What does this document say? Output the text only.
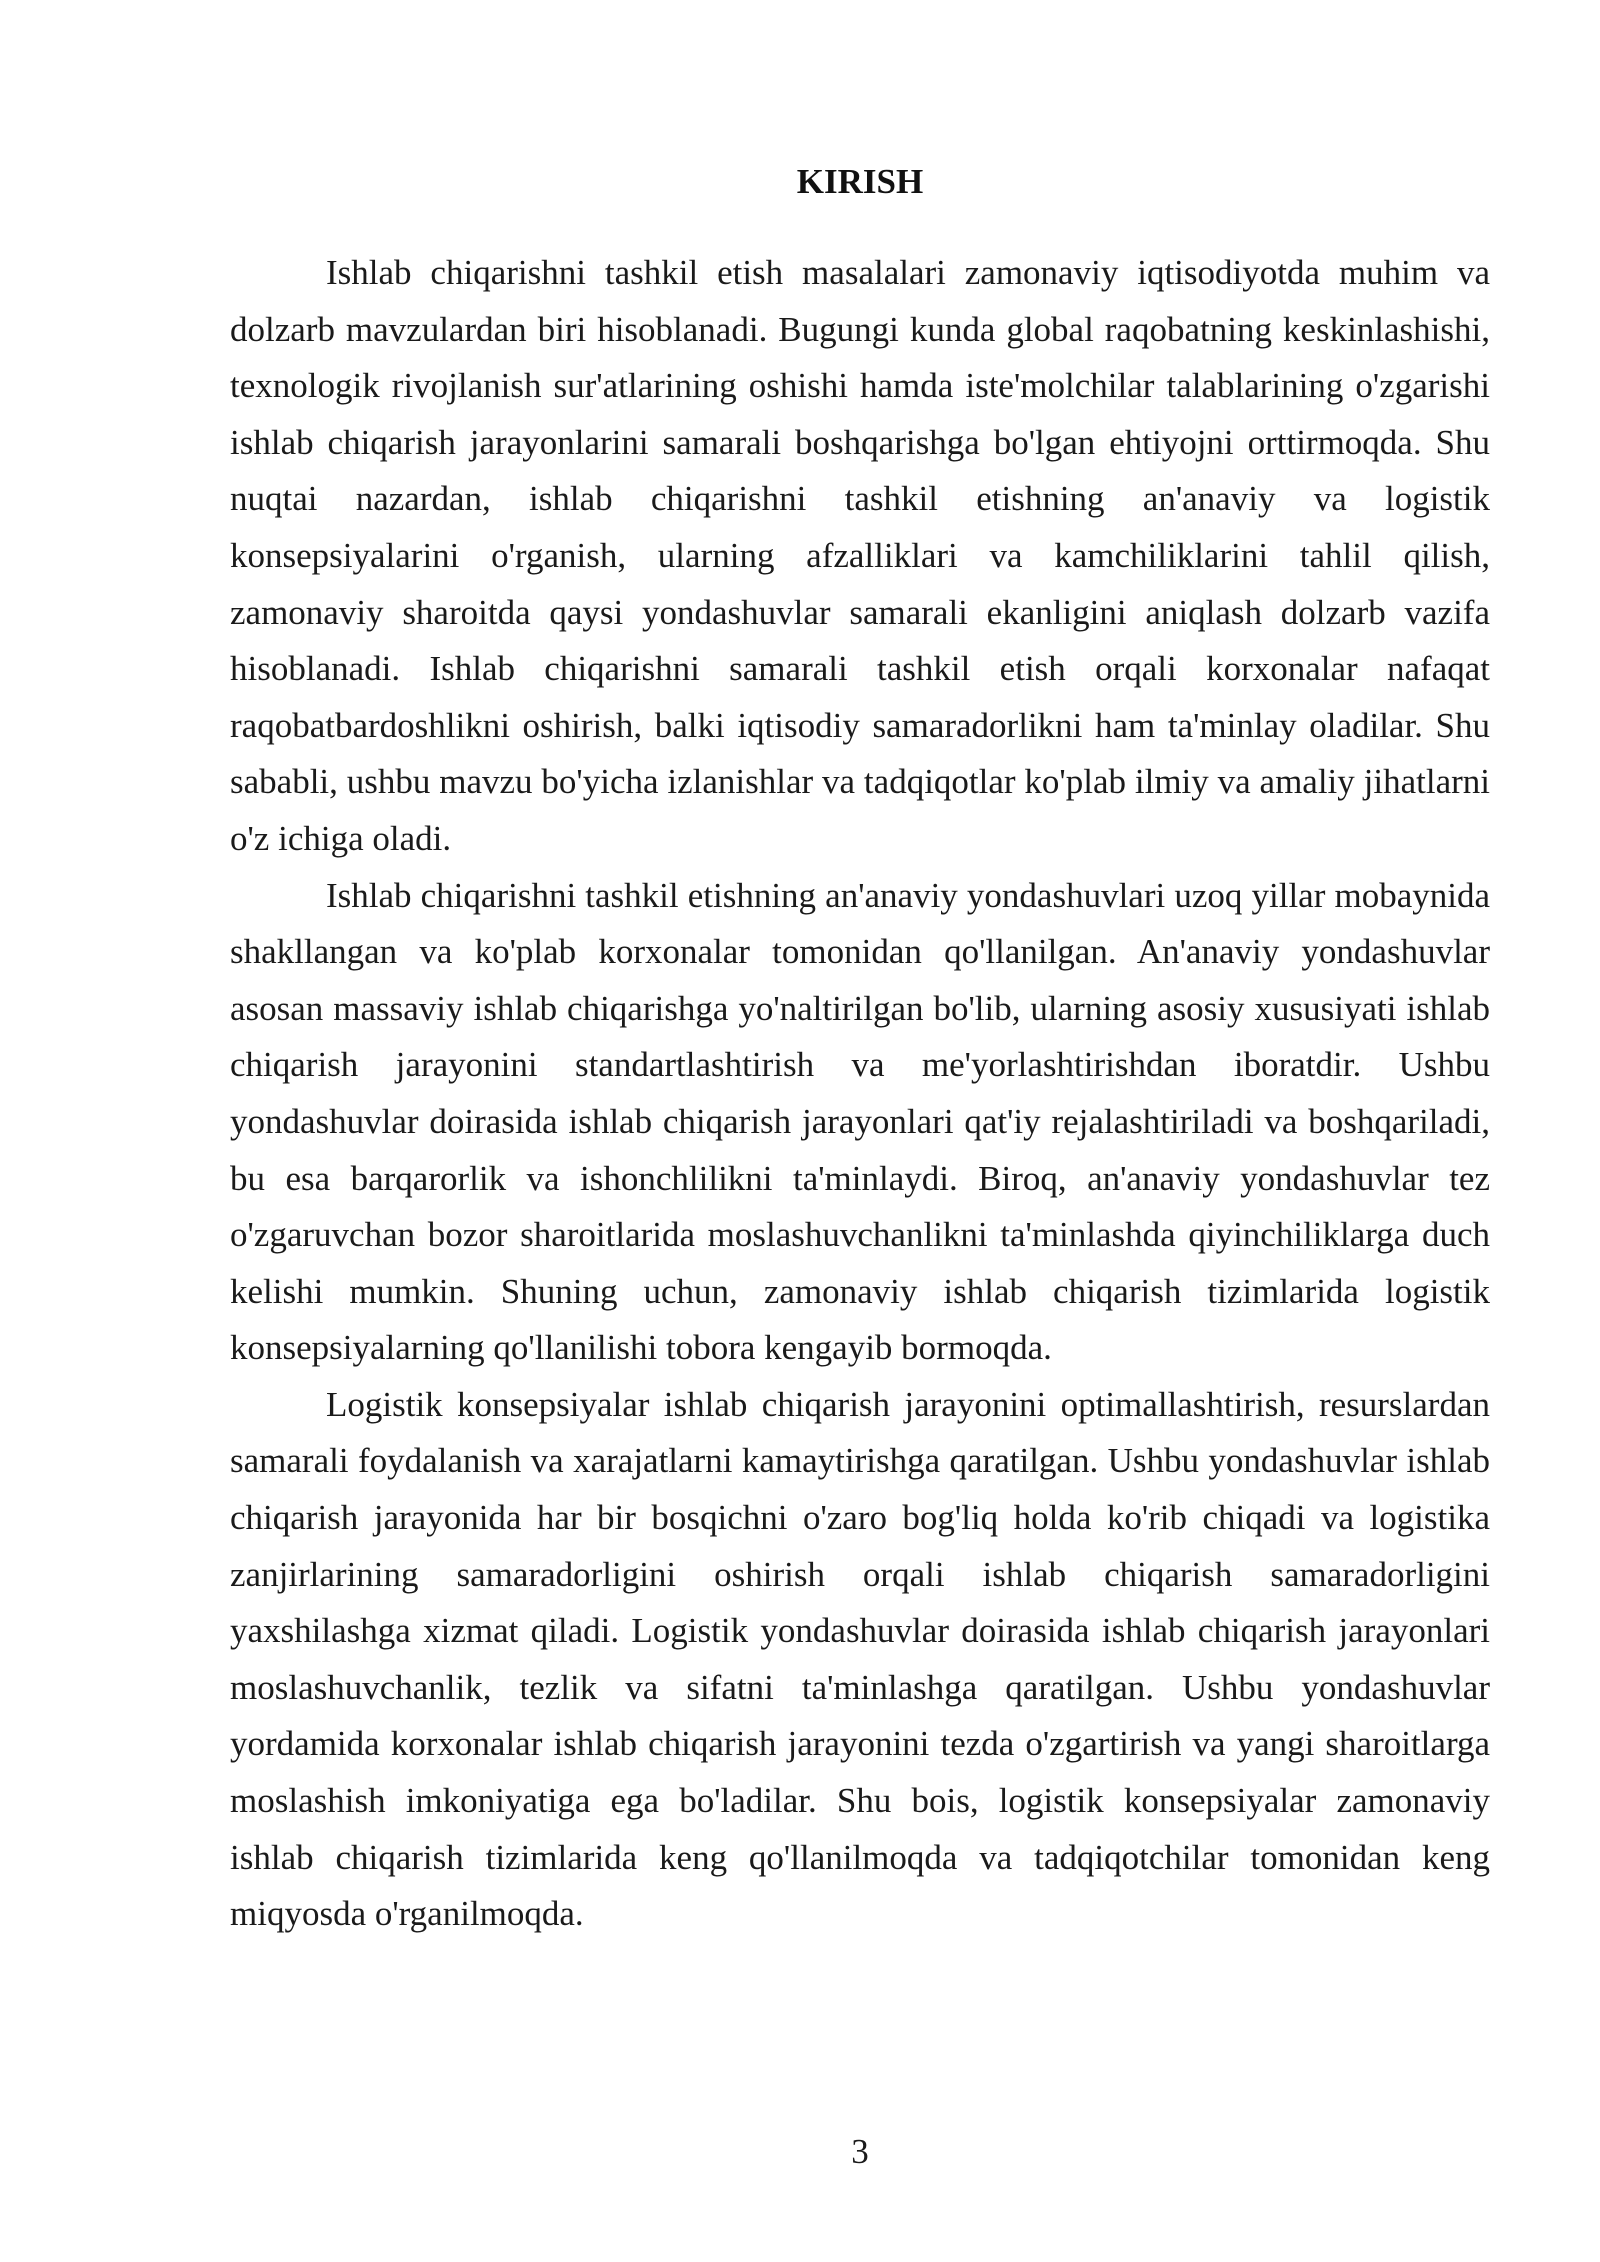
KIRISH

Ishlab chiqarishni tashkil etish masalalari zamonaviy iqtisodiyotda muhim va dolzarb mavzulardan biri hisoblanadi. Bugungi kunda global raqobatning keskinlashishi, texnologik rivojlanish sur'atlarining oshishi hamda iste'molchilar talablarining o'zgarishi ishlab chiqarish jarayonlarini samarali boshqarishga bo'lgan ehtiyojni orttirmoqda. Shu nuqtai nazardan, ishlab chiqarishni tashkil etishning an'anaviy va logistik konsepsiyalarini o'rganish, ularning afzalliklari va kamchiliklarini tahlil qilish, zamonaviy sharoitda qaysi yondashuvlar samarali ekanligini aniqlash dolzarb vazifa hisoblanadi. Ishlab chiqarishni samarali tashkil etish orqali korxonalar nafaqat raqobatbardoshlikni oshirish, balki iqtisodiy samaradorlikni ham ta'minlay oladilar. Shu sababli, ushbu mavzu bo'yicha izlanishlar va tadqiqotlar ko'plab ilmiy va amaliy jihatlarni o'z ichiga oladi.

Ishlab chiqarishni tashkil etishning an'anaviy yondashuvlari uzoq yillar mobaynida shakllangan va ko'plab korxonalar tomonidan qo'llanilgan. An'anaviy yondashuvlar asosan massaviy ishlab chiqarishga yo'naltirilgan bo'lib, ularning asosiy xususiyati ishlab chiqarish jarayonini standartlashtirish va me'yorlashtirishdan iboratdir. Ushbu yondashuvlar doirasida ishlab chiqarish jarayonlari qat'iy rejalashtiriladi va boshqariladi, bu esa barqarorlik va ishonchlilikni ta'minlaydi. Biroq, an'anaviy yondashuvlar tez o'zgaruvchan bozor sharoitlarida moslashuvchanlikni ta'minlashda qiyinchiliklarga duch kelishi mumkin. Shuning uchun, zamonaviy ishlab chiqarish tizimlarida logistik konsepsiyalarning qo'llanilishi tobora kengayib bormoqda.

Logistik konsepsiyalar ishlab chiqarish jarayonini optimallashtirish, resurslardan samarali foydalanish va xarajatlarni kamaytirishga qaratilgan. Ushbu yondashuvlar ishlab chiqarish jarayonida har bir bosqichni o'zaro bog'liq holda ko'rib chiqadi va logistika zanjirlarining samaradorligini oshirish orqali ishlab chiqarish samaradorligini yaxshilashga xizmat qiladi. Logistik yondashuvlar doirasida ishlab chiqarish jarayonlari moslashuvchanlik, tezlik va sifatni ta'minlashga qaratilgan. Ushbu yondashuvlar yordamida korxonalar ishlab chiqarish jarayonini tezda o'zgartirish va yangi sharoitlarga moslashish imkoniyatiga ega bo'ladilar. Shu bois, logistik konsepsiyalar zamonaviy ishlab chiqarish tizimlarida keng qo'llanilmoqda va tadqiqotchilar tomonidan keng miqyosda o'rganilmoqda.

3
